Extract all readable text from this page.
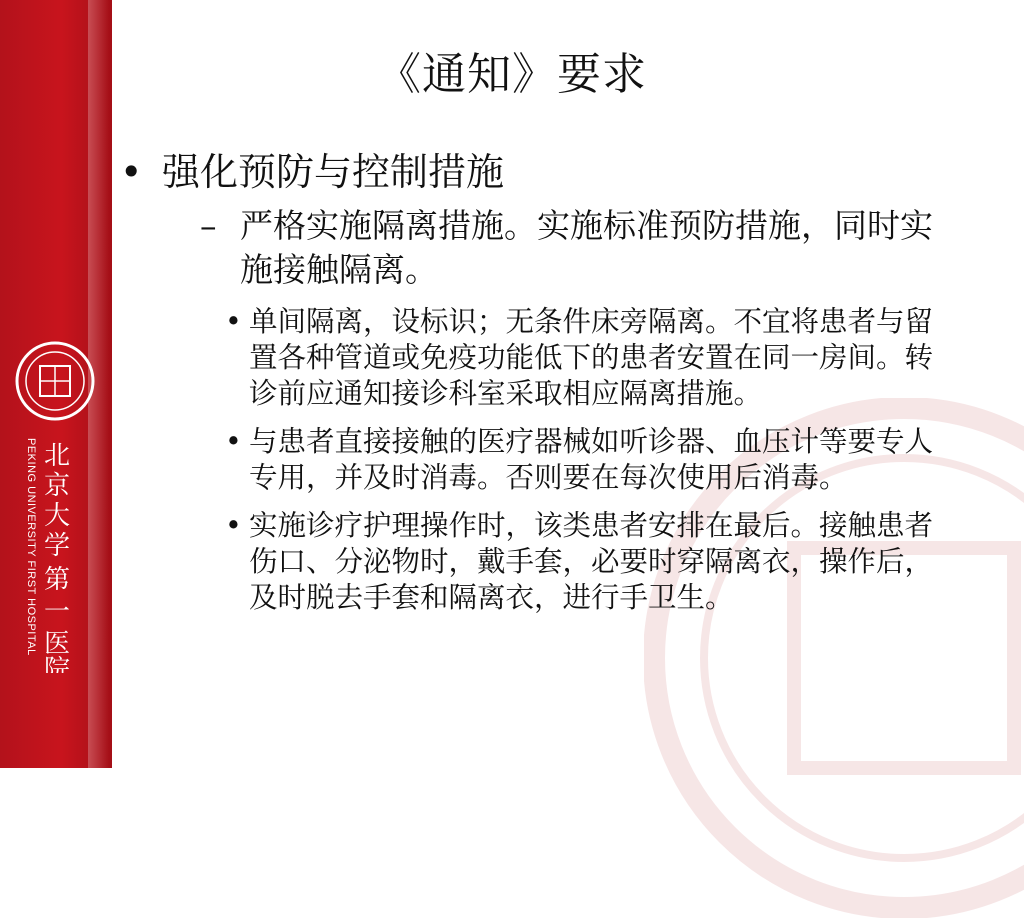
PEKING UNIVERSITY FIRST HOSPITAL 北
京
大
学
第
一
医
院
《通知》要求
• 强化预防与控制措施
– 严格实施隔离措施。实施标准预防措施，同时实施接触隔离。
• 单间隔离，设标识；无条件床旁隔离。不宜将患者与留置各种管道或免疫功能低下的患者安置在同一房间。转诊前应通知接诊科室采取相应隔离措施。
• 与患者直接接触的医疗器械如听诊器、血压计等要专人专用，并及时消毒。否则要在每次使用后消毒。
• 实施诊疗护理操作时，该类患者安排在最后。接触患者伤口、分泌物时，戴手套，必要时穿隔离衣，操作后，及时脱去手套和隔离衣，进行手卫生。
